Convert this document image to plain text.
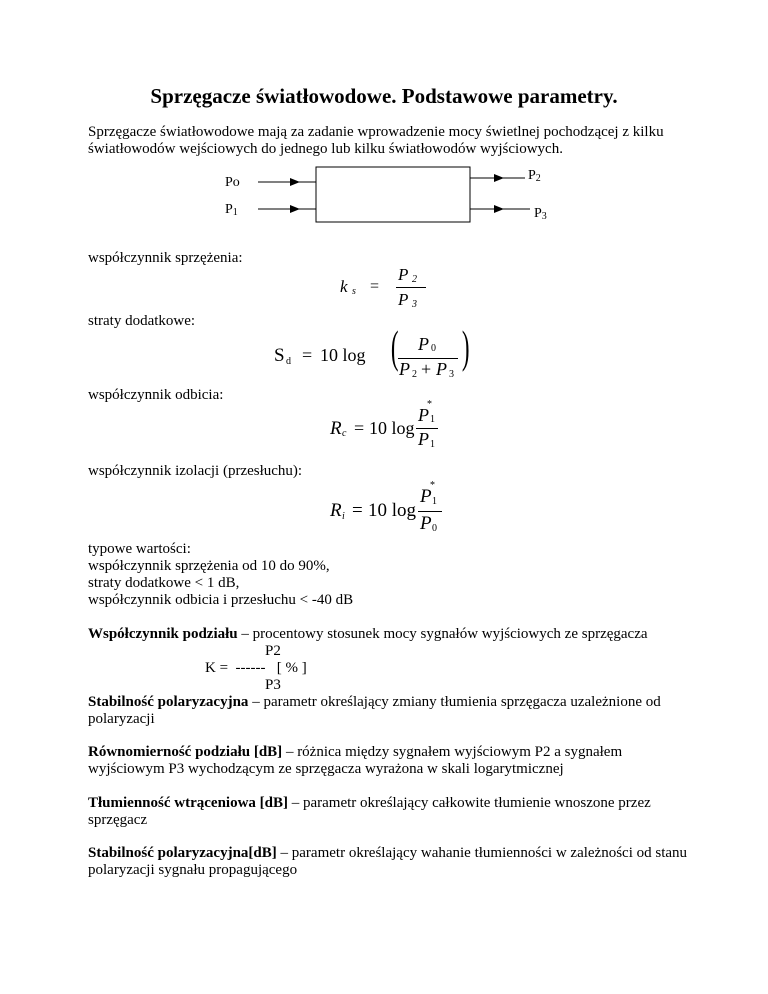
Sprzęgacze światłowodowe. Podstawowe parametry.
Sprzęgacze światłowodowe mają za zadanie wprowadzenie mocy świetlnej pochodzącej z kilku światłowodów wejściowych do jednego lub kilku światłowodów wyjściowych.
Po
P1
P2
P3
współczynnik sprzężenia:
k s =
P 2
P 3
straty dodatkowe:
S d = 10 log ( P 0
P 2 + P 3
)
współczynnik odbicia:
R c = 10 log
P
*
1
P 1
współczynnik izolacji (przesłuchu):
R i = 10 log
P
*
1
P 0
typowe wartości:
współczynnik sprzężenia od 10 do 90%,
straty dodatkowe < 1 dB,
współczynnik odbicia i przesłuchu < -40 dB
Współczynnik podziału – procentowy stosunek mocy sygnałów wyjściowych ze sprzęgacza
P2
K = ------ [ % ]
P3
Stabilność polaryzacyjna – parametr określający zmiany tłumienia sprzęgacza uzależnione od polaryzacji
Równomierność podziału [dB] – różnica między sygnałem wyjściowym P2 a sygnałem wyjściowym P3 wychodzącym ze sprzęgacza wyrażona w skali logarytmicznej
Tłumienność wtrąceniowa [dB] – parametr określający całkowite tłumienie wnoszone przez sprzęgacz
Stabilność polaryzacyjna[dB] – parametr określający wahanie tłumienności w zależności od stanu polaryzacji sygnału propagującego
